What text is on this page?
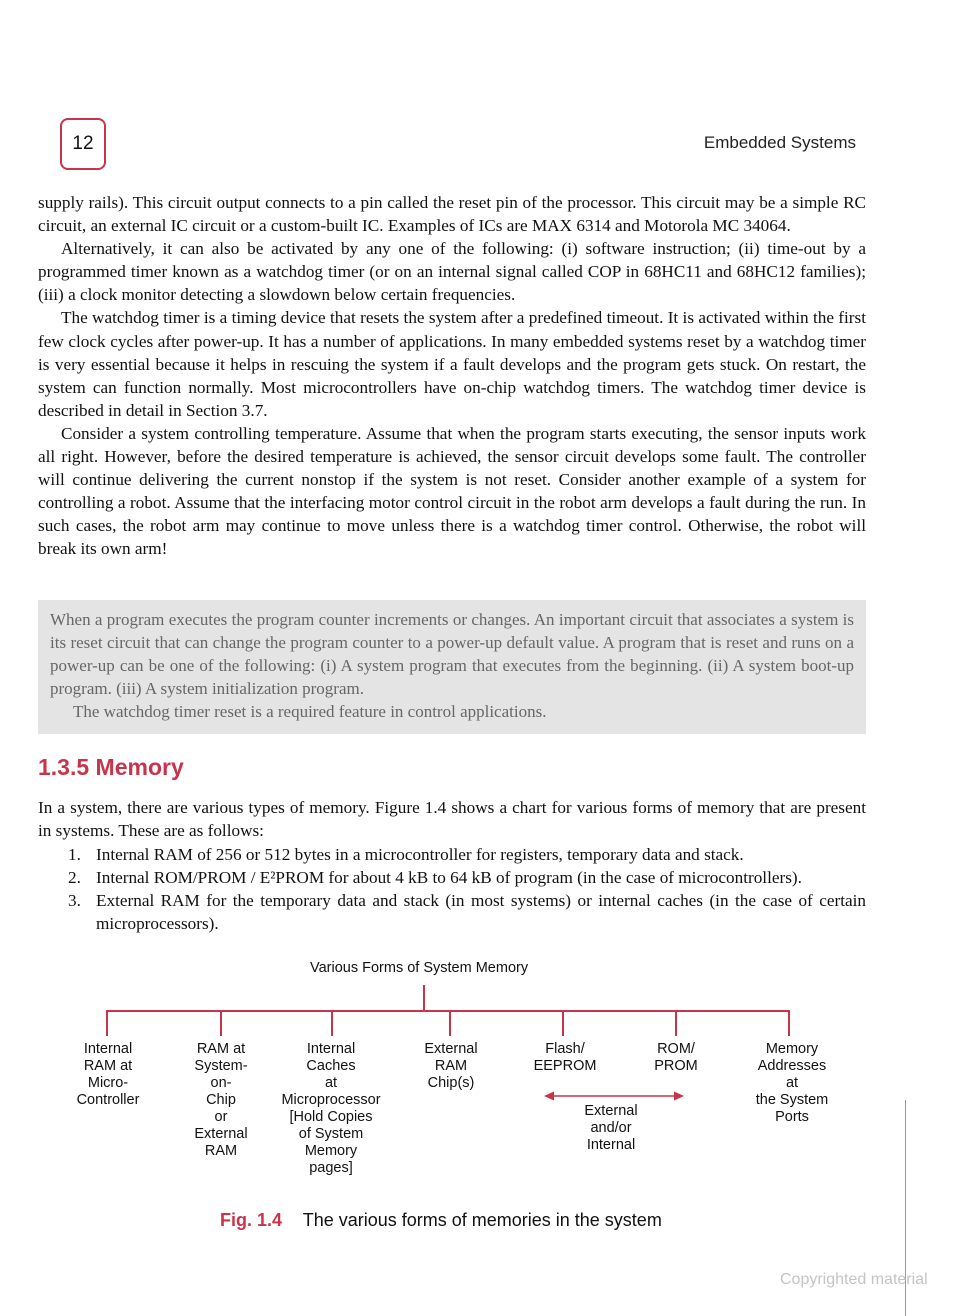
12	Embedded Systems

supply rails). This circuit output connects to a pin called the reset pin of the processor. This circuit may be a simple RC circuit, an external IC circuit or a custom-built IC. Examples of ICs are MAX 6314 and Motorola MC 34064.

Alternatively, it can also be activated by any one of the following: (i) software instruction; (ii) time-out by a programmed timer known as a watchdog timer (or on an internal signal called COP in 68HC11 and 68HC12 families); (iii) a clock monitor detecting a slowdown below certain frequencies.

The watchdog timer is a timing device that resets the system after a predefined timeout. It is activated within the first few clock cycles after power-up. It has a number of applications. In many embedded systems reset by a watchdog timer is very essential because it helps in rescuing the system if a fault develops and the program gets stuck. On restart, the system can function normally. Most microcontrollers have on-chip watchdog timers. The watchdog timer device is described in detail in Section 3.7.

Consider a system controlling temperature. Assume that when the program starts executing, the sensor inputs work all right. However, before the desired temperature is achieved, the sensor circuit develops some fault. The controller will continue delivering the current nonstop if the system is not reset. Consider another example of a system for controlling a robot. Assume that the interfacing motor control circuit in the robot arm develops a fault during the run. In such cases, the robot arm may continue to move unless there is a watchdog timer control. Otherwise, the robot will break its own arm!

When a program executes the program counter increments or changes. An important circuit that associates a system is its reset circuit that can change the program counter to a power-up default value. A program that is reset and runs on a power-up can be one of the following: (i) A system program that executes from the beginning. (ii) A system boot-up program. (iii) A system initialization program.

The watchdog timer reset is a required feature in control applications.

1.3.5 Memory
In a system, there are various types of memory. Figure 1.4 shows a chart for various forms of memory that are present in systems. These are as follows:
1. Internal RAM of 256 or 512 bytes in a microcontroller for registers, temporary data and stack.
2. Internal ROM/PROM / E²PROM for about 4 kB to 64 kB of program (in the case of microcontrollers).
3. External RAM for the temporary data and stack (in most systems) or internal caches (in the case of certain microprocessors).
Various Forms of System Memory
Internal
RAM at
Micro-
Controller
RAM at
System-
on-
Chip
or
External
RAM
Internal
Caches
at
Microprocessor
[Hold Copies
of System
Memory
pages]
External
RAM
Chip(s)
Flash/
EEPROM
ROM/
PROM
Memory
Addresses
at
the System
Ports
External
and/or
Internal
Fig. 1.4 The various forms of memories in the system
Copyrighted material
